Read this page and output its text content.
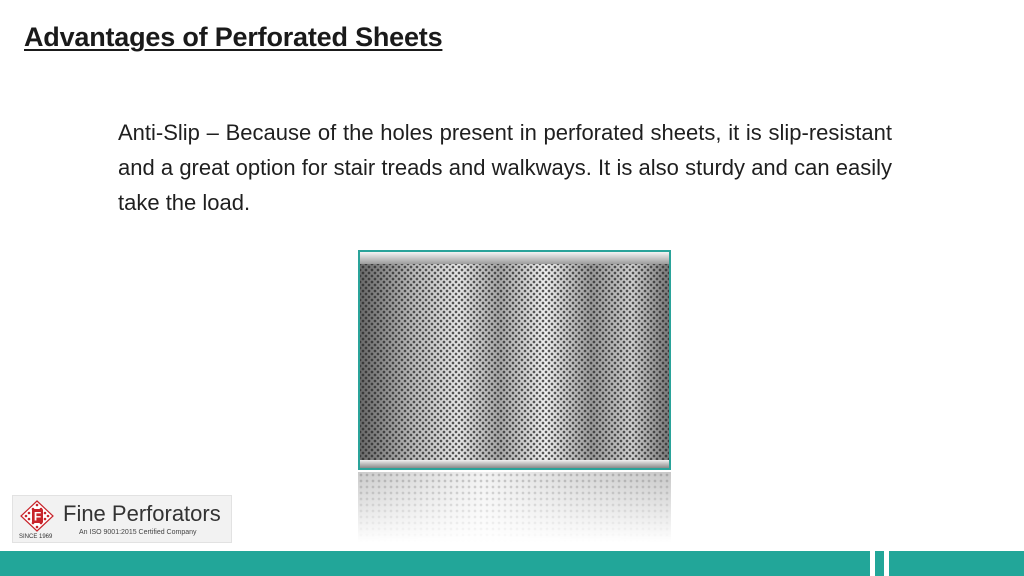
Advantages of Perforated Sheets
Anti-Slip – Because of the holes present in perforated sheets, it is slip-resistant and a great option for stair treads and walkways. It is also sturdy and can easily take the load.
F
SINCE 1969
Fine Perforators
An ISO 9001:2015 Certified Company
